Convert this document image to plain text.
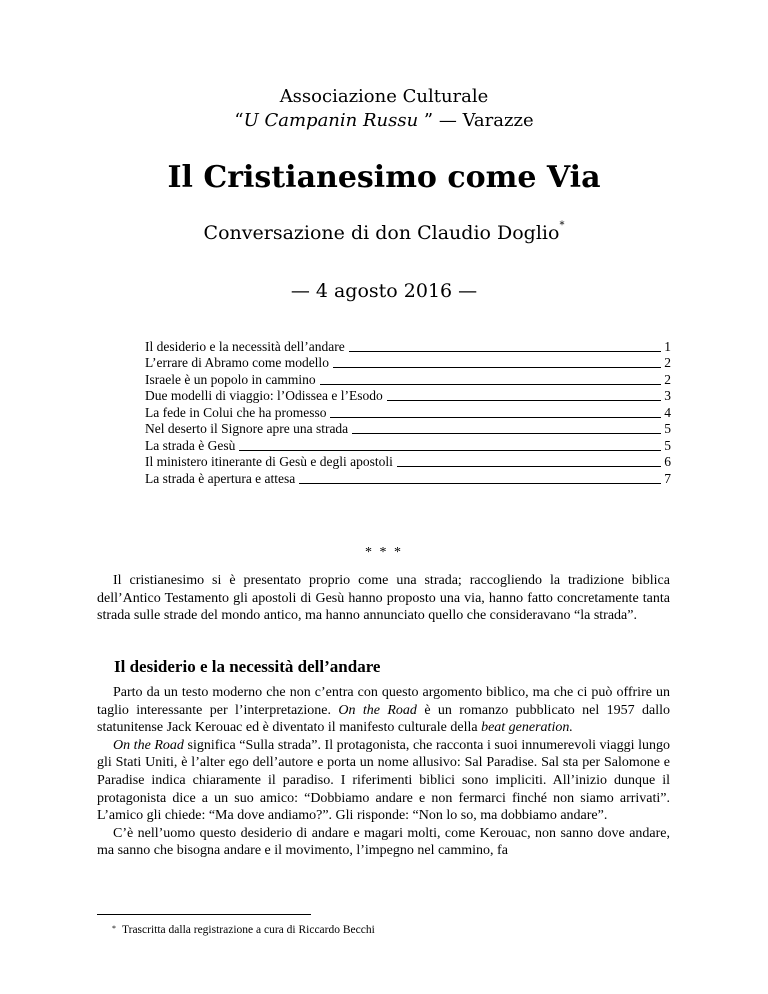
Associazione Culturale
“U Campanin Russu ” — Varazze
Il Cristianesimo come Via
Conversazione di don Claudio Doglio*
— 4 agosto 2016 —
Il desiderio e la necessità dell’andare	1
L’errare di Abramo come modello	2
Israele è un popolo in cammino	2
Due modelli di viaggio: l’Odissea e l’Esodo	3
La fede in Colui che ha promesso	4
Nel deserto il Signore apre una strada	5
La strada è Gesù	5
Il ministero itinerante di Gesù e degli apostoli	6
La strada è apertura e attesa	7
* * *

Il cristianesimo si è presentato proprio come una strada; raccogliendo la tradizione biblica dell’Antico Testamento gli apostoli di Gesù hanno proposto una via, hanno fatto concretamente tanta strada sulle strade del mondo antico, ma hanno annunciato quello che consideravano “la strada”.

Il desiderio e la necessità dell’andare

Parto da un testo moderno che non c’entra con questo argomento biblico, ma che ci può offrire un taglio interessante per l’interpretazione. On the Road è un romanzo pubblicato nel 1957 dallo statunitense Jack Kerouac ed è diventato il manifesto culturale della beat generation.

On the Road significa “Sulla strada”. Il protagonista, che racconta i suoi innumerevoli viaggi lungo gli Stati Uniti, è l’alter ego dell’autore e porta un nome allusivo: Sal Paradise. Sal sta per Salomone e Paradise indica chiaramente il paradiso. I riferimenti biblici sono impliciti. All’inizio dunque il protagonista dice a un suo amico: “Dobbiamo andare e non fermarci finché non siamo arrivati”. L’amico gli chiede: “Ma dove andiamo?”. Gli risponde: “Non lo so, ma dobbiamo andare”.

C’è nell’uomo questo desiderio di andare e magari molti, come Kerouac, non sanno dove andare, ma sanno che bisogna andare e il movimento, l’impegno nel cammino, fa

* Trascritta dalla registrazione a cura di Riccardo Becchi
